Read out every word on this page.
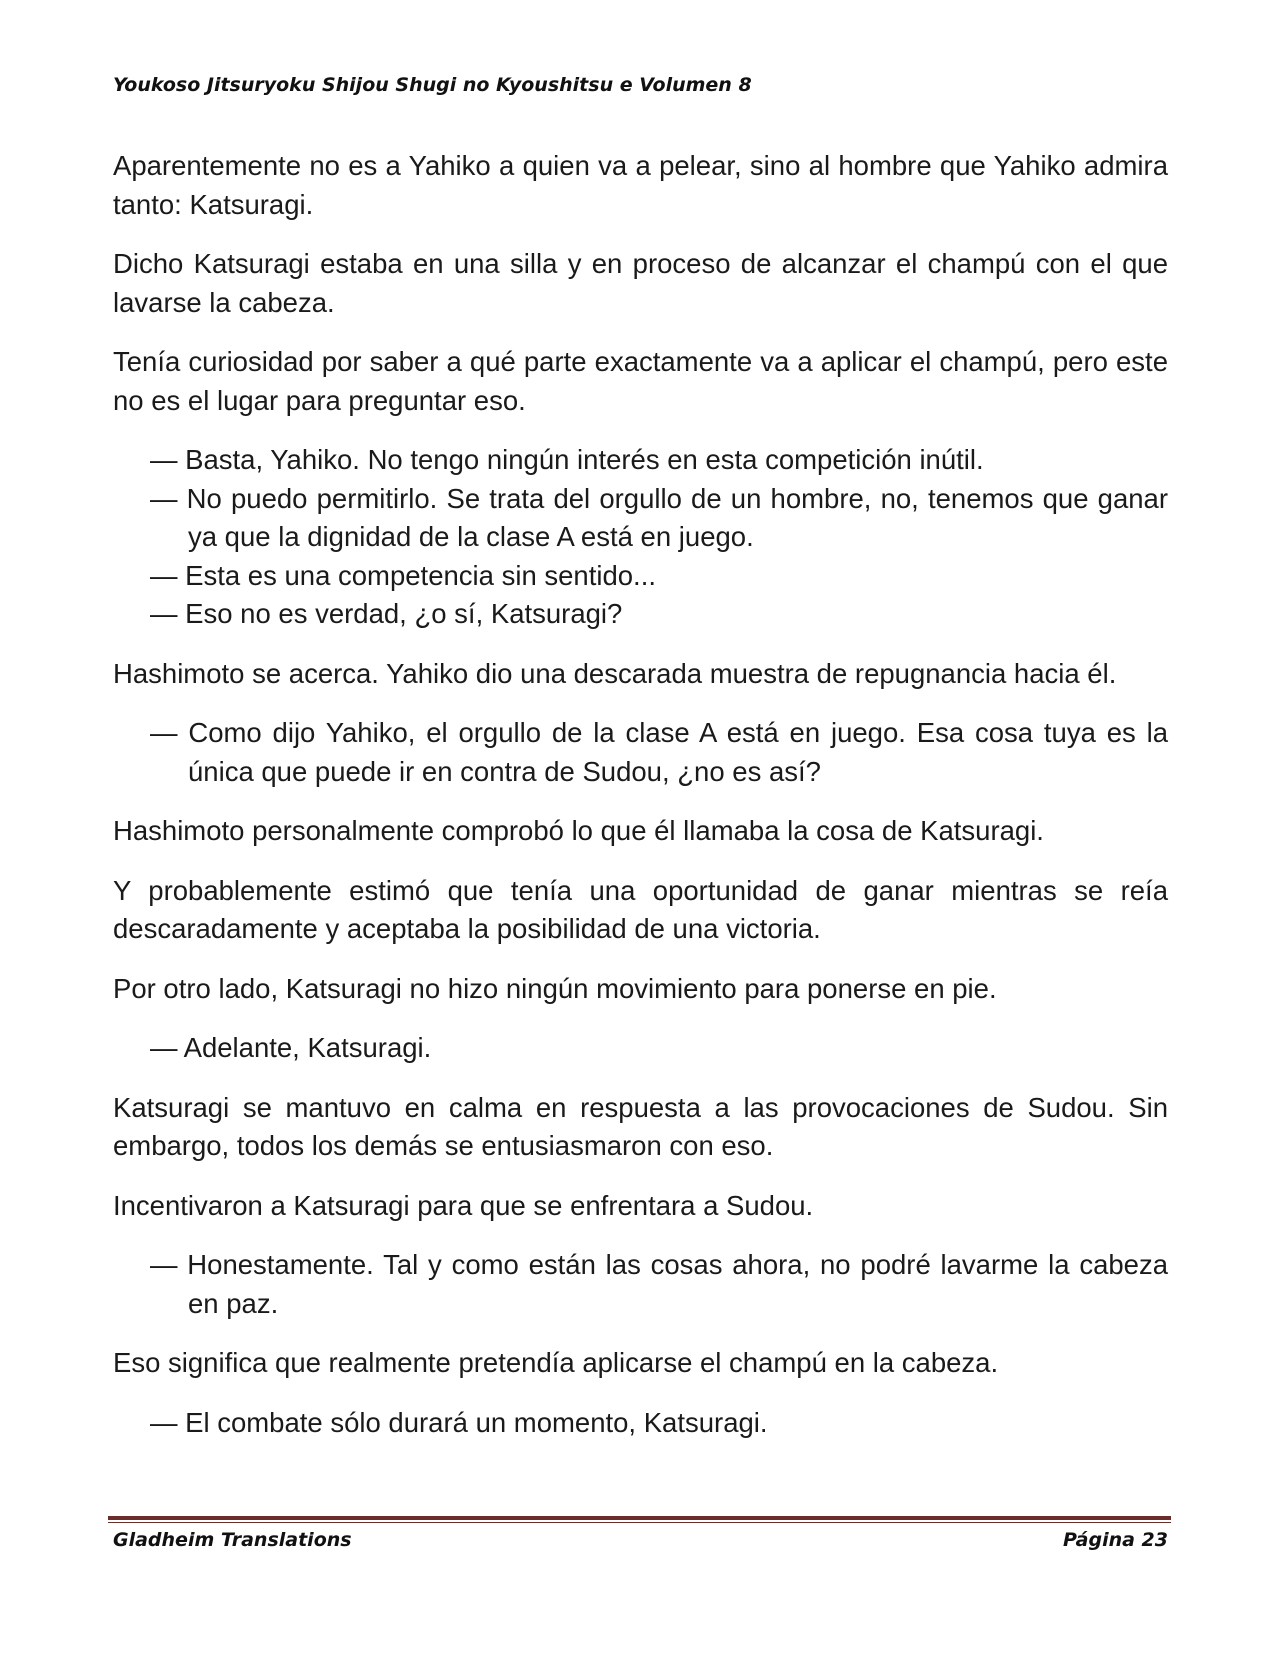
Youkoso Jitsuryoku Shijou Shugi no Kyoushitsu e Volumen 8

Aparentemente no es a Yahiko a quien va a pelear, sino al hombre que Yahiko admira tanto: Katsuragi.

Dicho Katsuragi estaba en una silla y en proceso de alcanzar el champú con el que lavarse la cabeza.

Tenía curiosidad por saber a qué parte exactamente va a aplicar el champú, pero este no es el lugar para preguntar eso.

— Basta, Yahiko. No tengo ningún interés en esta competición inútil.
— No puedo permitirlo. Se trata del orgullo de un hombre, no, tenemos que ganar ya que la dignidad de la clase A está en juego.
— Esta es una competencia sin sentido...
— Eso no es verdad, ¿o sí, Katsuragi?

Hashimoto se acerca. Yahiko dio una descarada muestra de repugnancia hacia él.

— Como dijo Yahiko, el orgullo de la clase A está en juego. Esa cosa tuya es la única que puede ir en contra de Sudou, ¿no es así?

Hashimoto personalmente comprobó lo que él llamaba la cosa de Katsuragi.

Y probablemente estimó que tenía una oportunidad de ganar mientras se reía descaradamente y aceptaba la posibilidad de una victoria.

Por otro lado, Katsuragi no hizo ningún movimiento para ponerse en pie.

— Adelante, Katsuragi.

Katsuragi se mantuvo en calma en respuesta a las provocaciones de Sudou. Sin embargo, todos los demás se entusiasmaron con eso.

Incentivaron a Katsuragi para que se enfrentara a Sudou.

— Honestamente. Tal y como están las cosas ahora, no podré lavarme la cabeza en paz.

Eso significa que realmente pretendía aplicarse el champú en la cabeza.

— El combate sólo durará un momento, Katsuragi.
Gladheim Translations	Página 23
